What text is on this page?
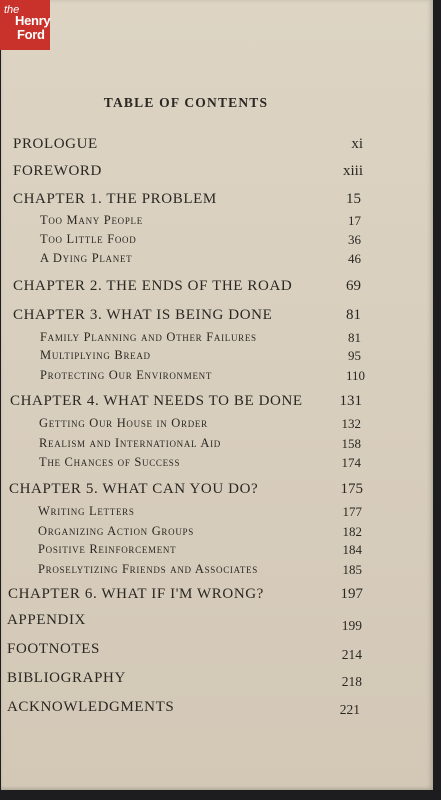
TABLE OF CONTENTS
PROLOGUE	xi
FOREWORD	xiii
CHAPTER 1. THE PROBLEM	15
Too Many People	17
Too Little Food	36
A Dying Planet	46
CHAPTER 2. THE ENDS OF THE ROAD	69
CHAPTER 3. WHAT IS BEING DONE	81
Family Planning and Other Failures	81
Multiplying Bread	95
Protecting Our Environment	110
CHAPTER 4. WHAT NEEDS TO BE DONE 131
Getting Our House in Order	132
Realism and International Aid	158
The Chances of Success	174
CHAPTER 5. WHAT CAN YOU DO?	175
Writing Letters	177
Organizing Action Groups	182
Positive Reinforcement	184
Proselytizing Friends and Associates	185
CHAPTER 6. WHAT IF I'M WRONG?	197
APPENDIX	199
FOOTNOTES	214
BIBLIOGRAPHY	218
ACKNOWLEDGMENTS	221
the
Henry
Ford
